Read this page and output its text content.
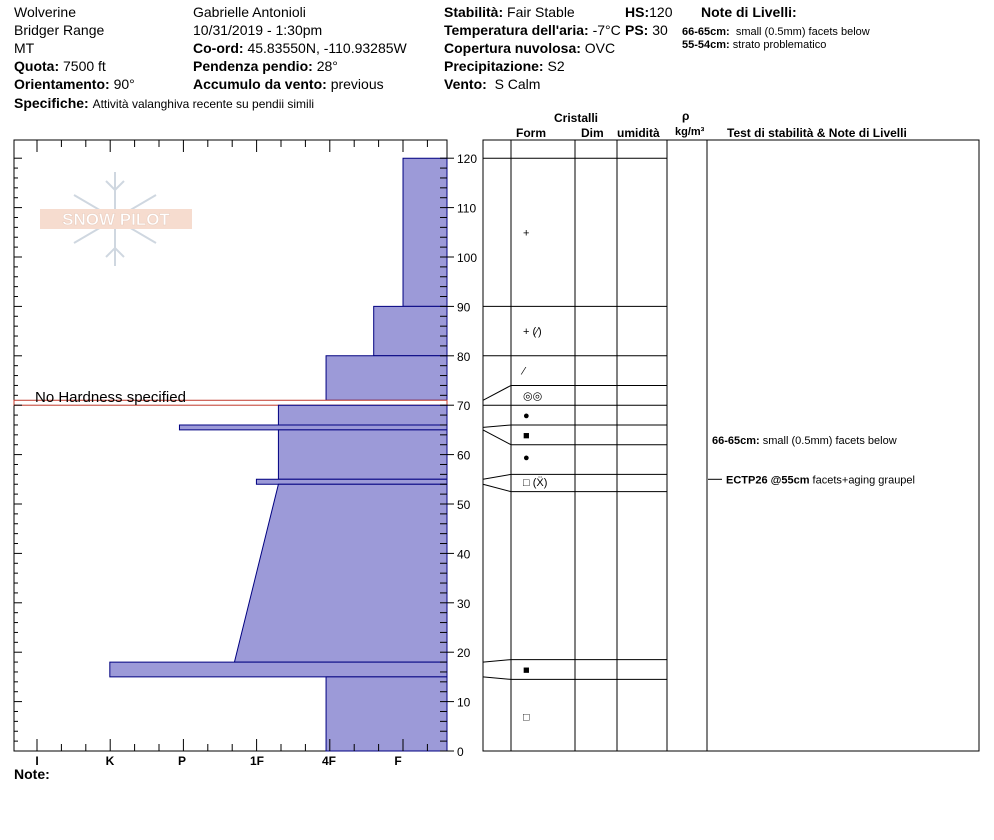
Wolverine
Bridger Range
MT
Quota: 7500 ft
Orientamento: 90°
Specifiche: Attività valanghiva recente su pendii simili
Gabrielle Antonioli
10/31/2019 - 1:30pm
Co-ord: 45.83550N, -110.93285W
Pendenza pendio: 28°
Accumulo da vento: previous
Stabilità: Fair Stable
Temperatura dell'aria: -7°C
Copertura nuvolosa: OVC
Precipitazione: S2
Vento: S Calm
HS:120
PS: 30
Note di Livelli:
66-65cm: small (0.5mm) facets below
55-54cm: strato problematico
Cristalli
Form	Dim umidità
ρ
kg/m³ Test di stabilità & Note di Livelli
SNOW PILOT
I	K	P	1F	4F	F
0
10
20
30
40
50
60
70
80
90
100
110
120
No Hardness specified
+
+ (⁄)
⁄
◎◎
●
■
●
□ (Ẍ)
■
□
66-65cm: small (0.5mm) facets below
ECTP26 @55cm facets+aging graupel
Note:
